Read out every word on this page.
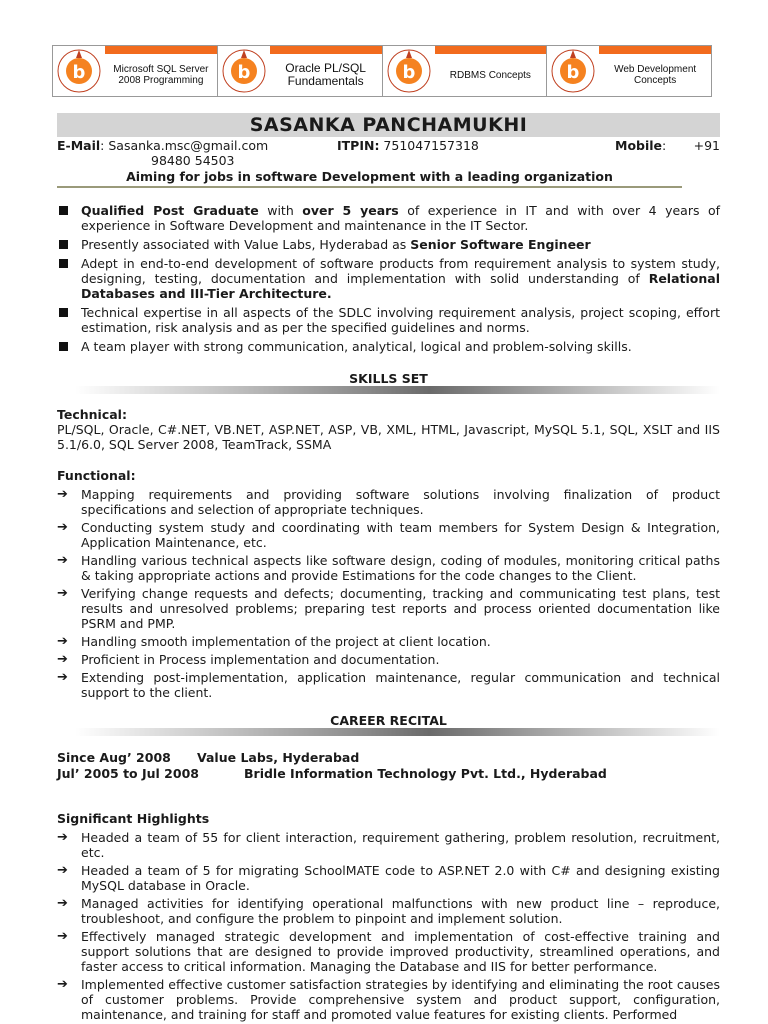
b	Microsoft SQL Server 2008 Programming	b	Oracle PL/SQL Fundamentals	b	RDBMS Concepts	b	Web Development Concepts
SASANKA PANCHAMUKHI
E-Mail: Sasanka.msc@gmail.com	ITPIN: 751047157318	Mobile: +91
98480 54503
Aiming for jobs in software Development with a leading organization
Qualified Post Graduate with over 5 years of experience in IT and with over 4 years of experience in Software Development and maintenance in the IT Sector.
Presently associated with Value Labs, Hyderabad as Senior Software Engineer
Adept in end-to-end development of software products from requirement analysis to system study, designing, testing, documentation and implementation with solid understanding of Relational Databases and III-Tier Architecture.
Technical expertise in all aspects of the SDLC involving requirement analysis, project scoping, effort estimation, risk analysis and as per the specified guidelines and norms.
A team player with strong communication, analytical, logical and problem-solving skills.
SKILLS SET
Technical:
PL/SQL, Oracle, C#.NET, VB.NET, ASP.NET, ASP, VB, XML, HTML, Javascript, MySQL 5.1, SQL, XSLT and IIS 5.1/6.0, SQL Server 2008, TeamTrack, SSMA
Functional:
➔ Mapping requirements and providing software solutions involving finalization of product specifications and selection of appropriate techniques.
➔ Conducting system study and coordinating with team members for System Design & Integration, Application Maintenance, etc.
➔ Handling various technical aspects like software design, coding of modules, monitoring critical paths & taking appropriate actions and provide Estimations for the code changes to the Client.
➔ Verifying change requests and defects; documenting, tracking and communicating test plans, test results and unresolved problems; preparing test reports and process oriented documentation like PSRM and PMP.
➔ Handling smooth implementation of the project at client location.
➔ Proficient in Process implementation and documentation.
➔ Extending post-implementation, application maintenance, regular communication and technical support to the client.
CAREER RECITAL
Since Aug’ 2008 Value Labs, Hyderabad
Jul’ 2005 to Jul 2008	Bridle Information Technology Pvt. Ltd., Hyderabad
Significant Highlights
➔ Headed a team of 55 for client interaction, requirement gathering, problem resolution, recruitment, etc.
➔ Headed a team of 5 for migrating SchoolMATE code to ASP.NET 2.0 with C# and designing existing MySQL database in Oracle.
➔ Managed activities for identifying operational malfunctions with new product line – reproduce, troubleshoot, and configure the problem to pinpoint and implement solution.
➔ Effectively managed strategic development and implementation of cost-effective training and support solutions that are designed to provide improved productivity, streamlined operations, and faster access to critical information. Managing the Database and IIS for better performance.
➔ Implemented effective customer satisfaction strategies by identifying and eliminating the root causes of customer problems. Provide comprehensive system and product support, configuration, maintenance, and training for staff and promoted value features for existing clients. Performed
